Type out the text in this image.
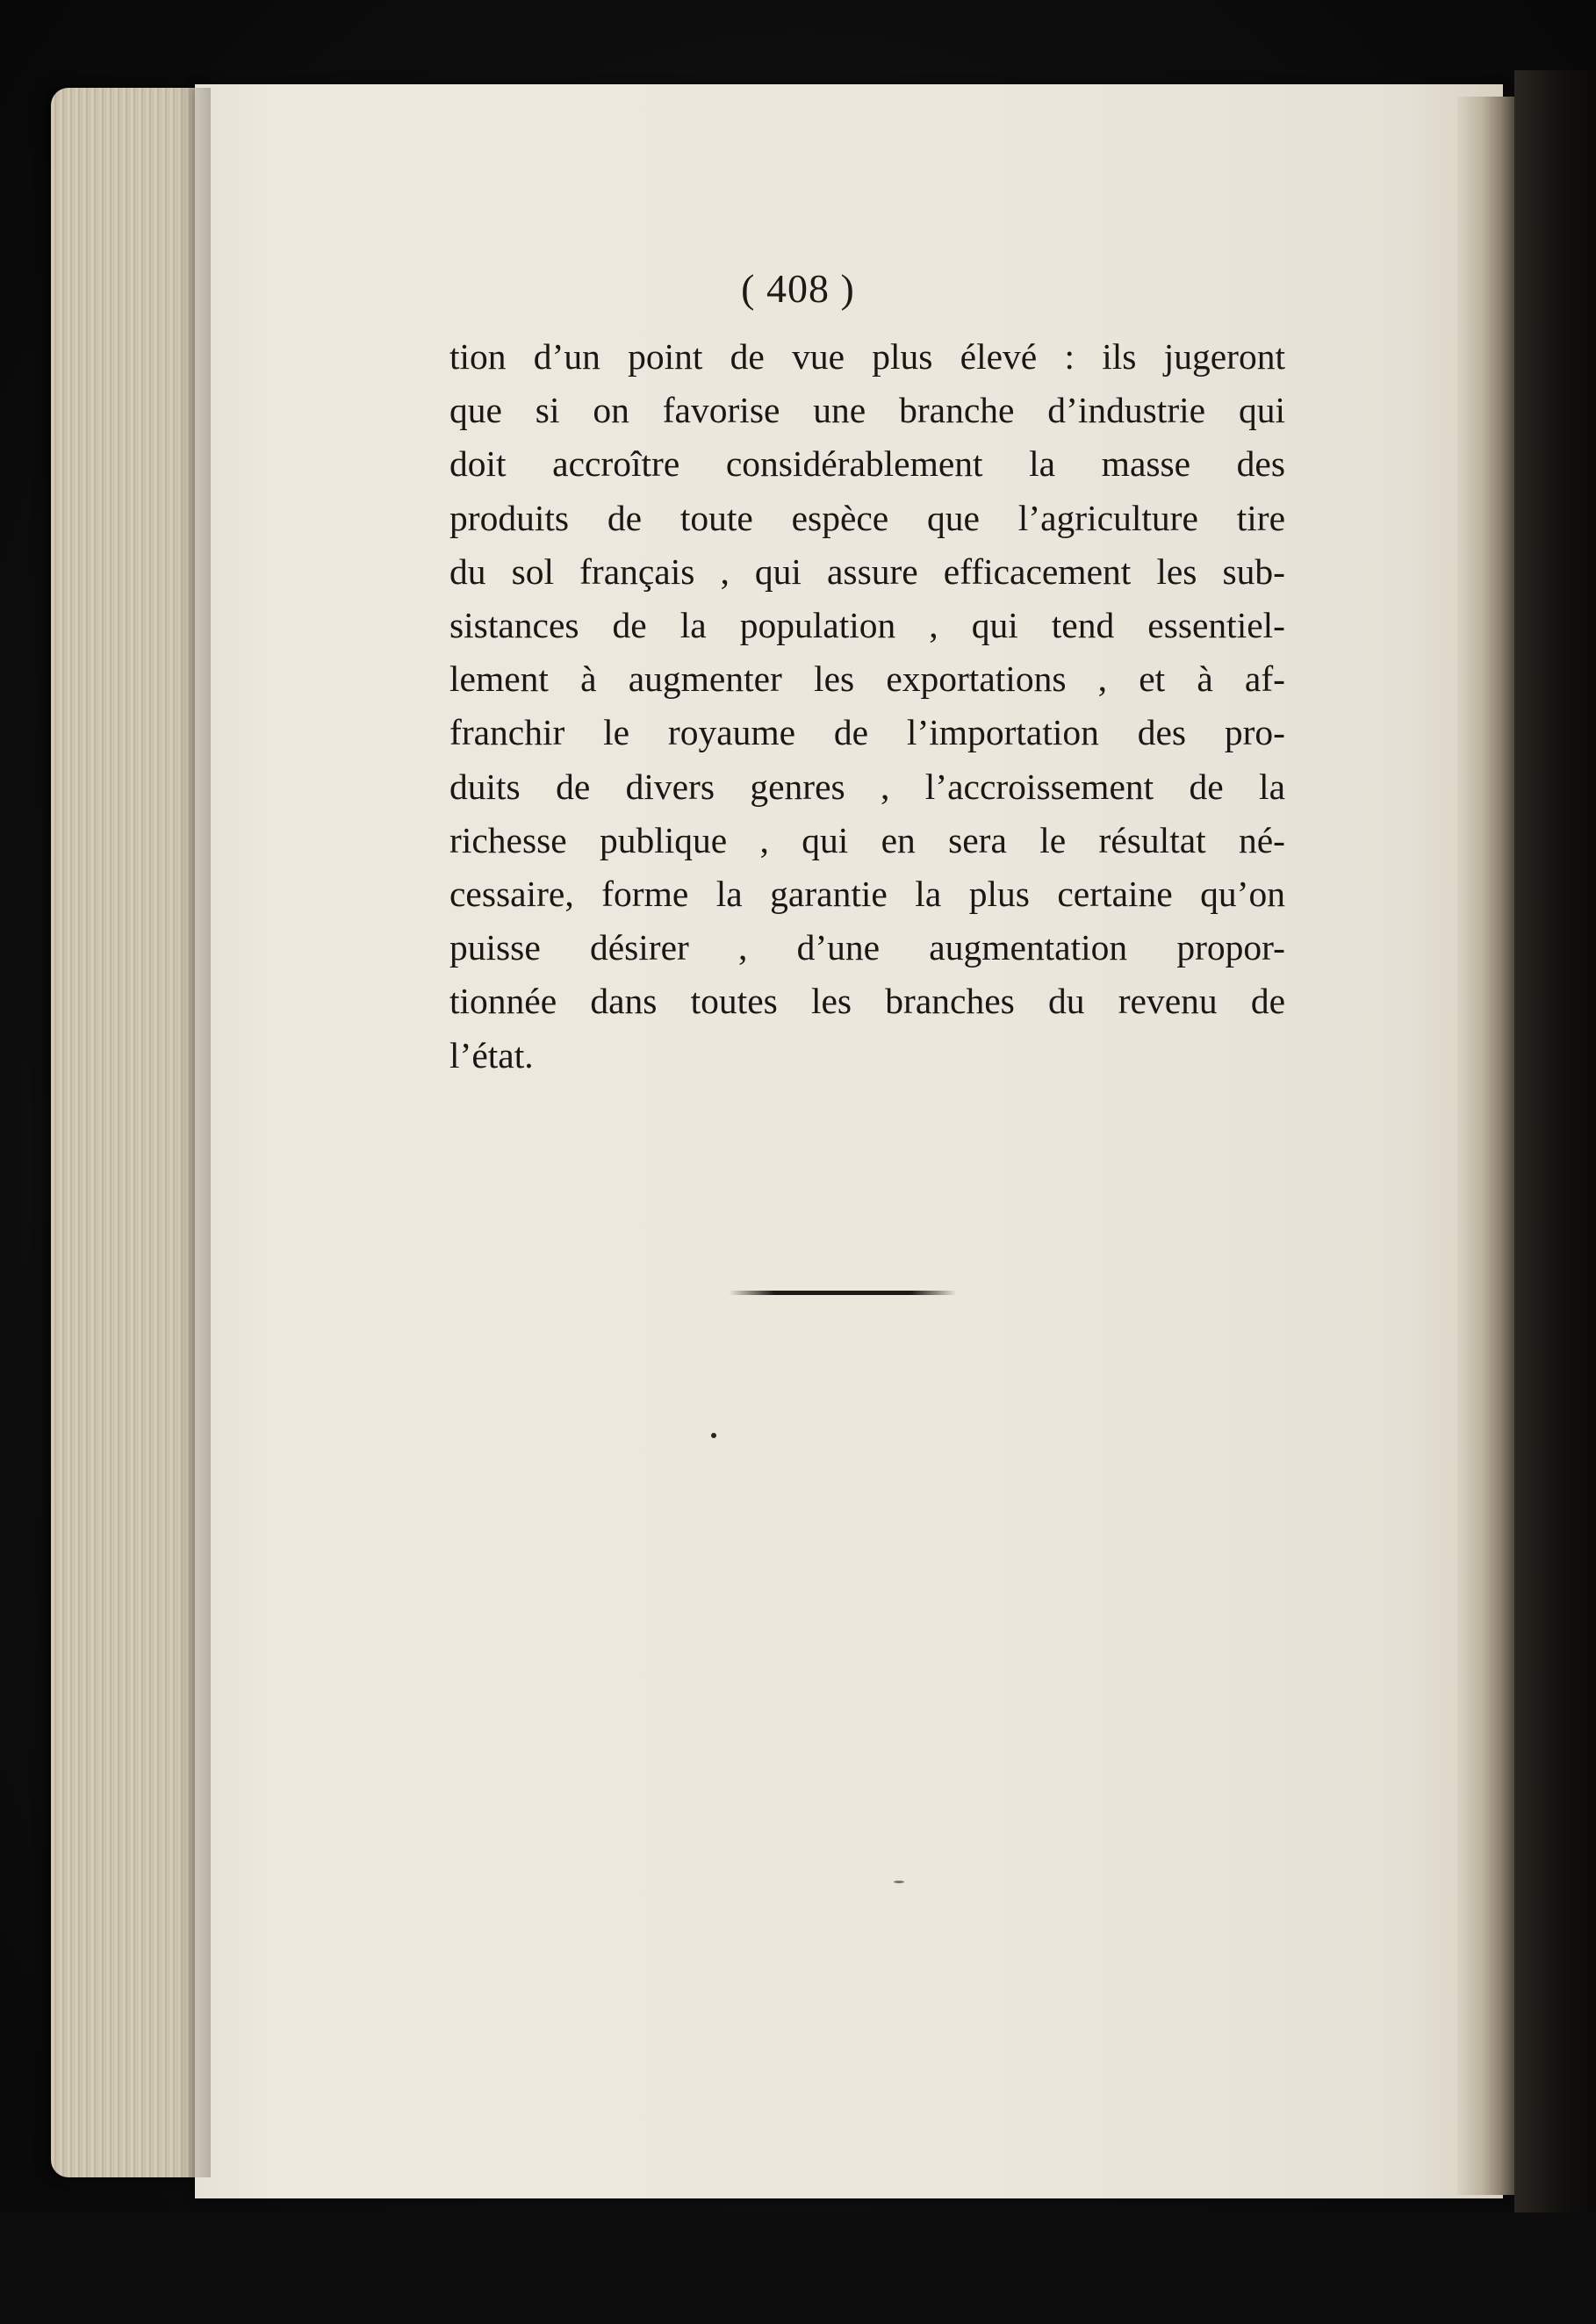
( 408 )

tion d’un point de vue plus élevé : ils jugeront
que si on favorise une branche d’industrie qui
doit accroître considérablement la masse des
produits de toute espèce que l’agriculture tire
du sol français , qui assure efficacement les sub-
sistances de la population , qui tend essentiel-
lement à augmenter les exportations , et à af-
franchir le royaume de l’importation des pro-
duits de divers genres , l’accroissement de la
richesse publique , qui en sera le résultat né-
cessaire, forme la garantie la plus certaine qu’on
puisse désirer , d’une augmentation propor-
tionnée dans toutes les branches du revenu de
l’état.
